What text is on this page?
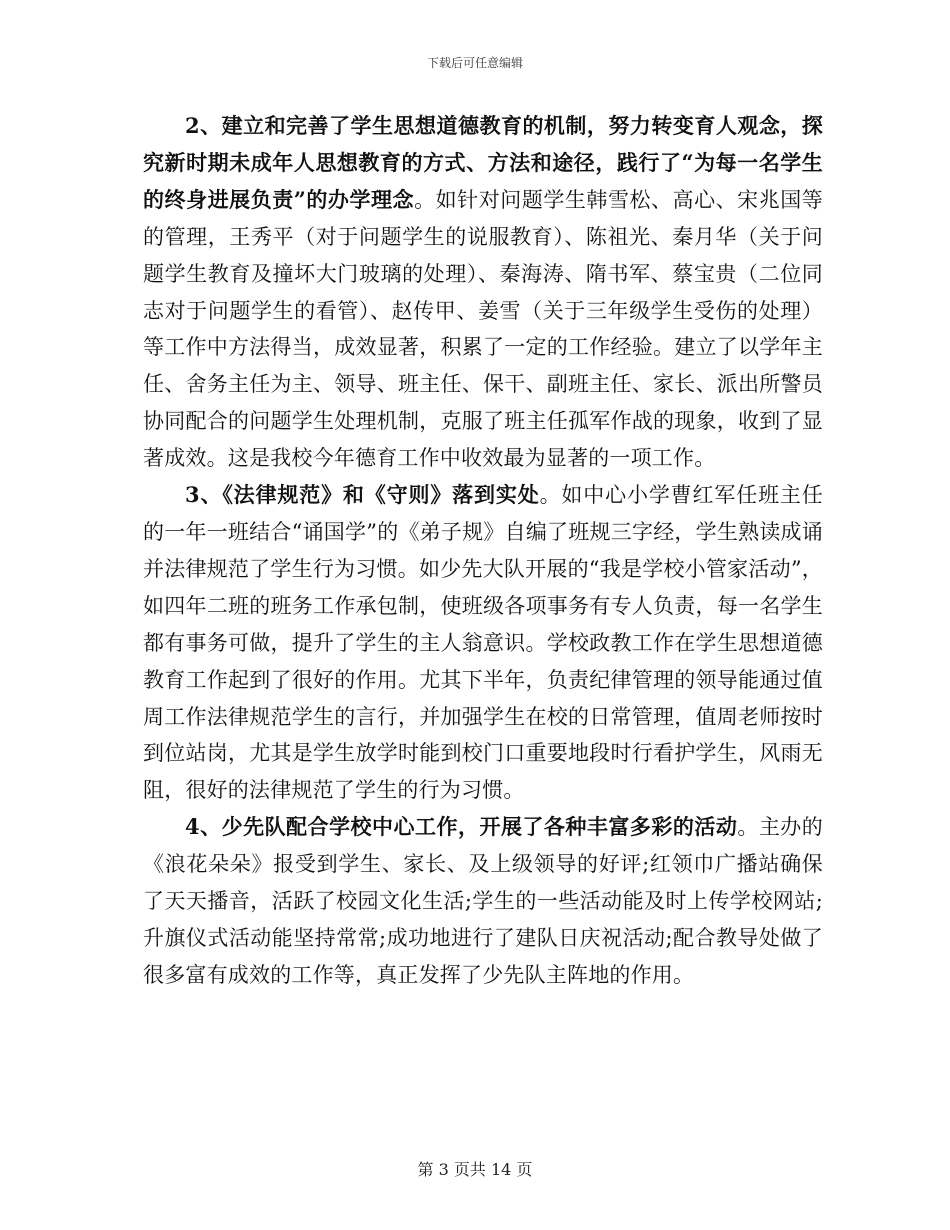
下载后可任意编辑

2、建立和完善了学生思想道德教育的机制，努力转变育人观念，探究新时期未成年人思想教育的方式、方法和途径，践行了“为每一名学生的终身进展负责”的办学理念。如针对问题学生韩雪松、高心、宋兆国等的管理，王秀平（对于问题学生的说服教育）、陈祖光、秦月华（关于问题学生教育及撞坏大门玻璃的处理）、秦海涛、隋书军、蔡宝贵（二位同志对于问题学生的看管）、赵传甲、姜雪（关于三年级学生受伤的处理）等工作中方法得当，成效显著，积累了一定的工作经验。建立了以学年主任、舍务主任为主、领导、班主任、保干、副班主任、家长、派出所警员协同配合的问题学生处理机制，克服了班主任孤军作战的现象，收到了显著成效。这是我校今年德育工作中收效最为显著的一项工作。

3、《法律规范》和《守则》落到实处。如中心小学曹红军任班主任的一年一班结合“诵国学”的《弟子规》自编了班规三字经，学生熟读成诵并法律规范了学生行为习惯。如少先大队开展的“我是学校小管家活动”，如四年二班的班务工作承包制，使班级各项事务有专人负责，每一名学生都有事务可做，提升了学生的主人翁意识。学校政教工作在学生思想道德教育工作起到了很好的作用。尤其下半年，负责纪律管理的领导能通过值周工作法律规范学生的言行，并加强学生在校的日常管理，值周老师按时到位站岗，尤其是学生放学时能到校门口重要地段时行看护学生，风雨无阻，很好的法律规范了学生的行为习惯。

4、少先队配合学校中心工作，开展了各种丰富多彩的活动。主办的《浪花朵朵》报受到学生、家长、及上级领导的好评;红领巾广播站确保了天天播音，活跃了校园文化生活;学生的一些活动能及时上传学校网站;升旗仪式活动能坚持常常;成功地进行了建队日庆祝活动;配合教导处做了很多富有成效的工作等，真正发挥了少先队主阵地的作用。

第 3 页共 14 页
